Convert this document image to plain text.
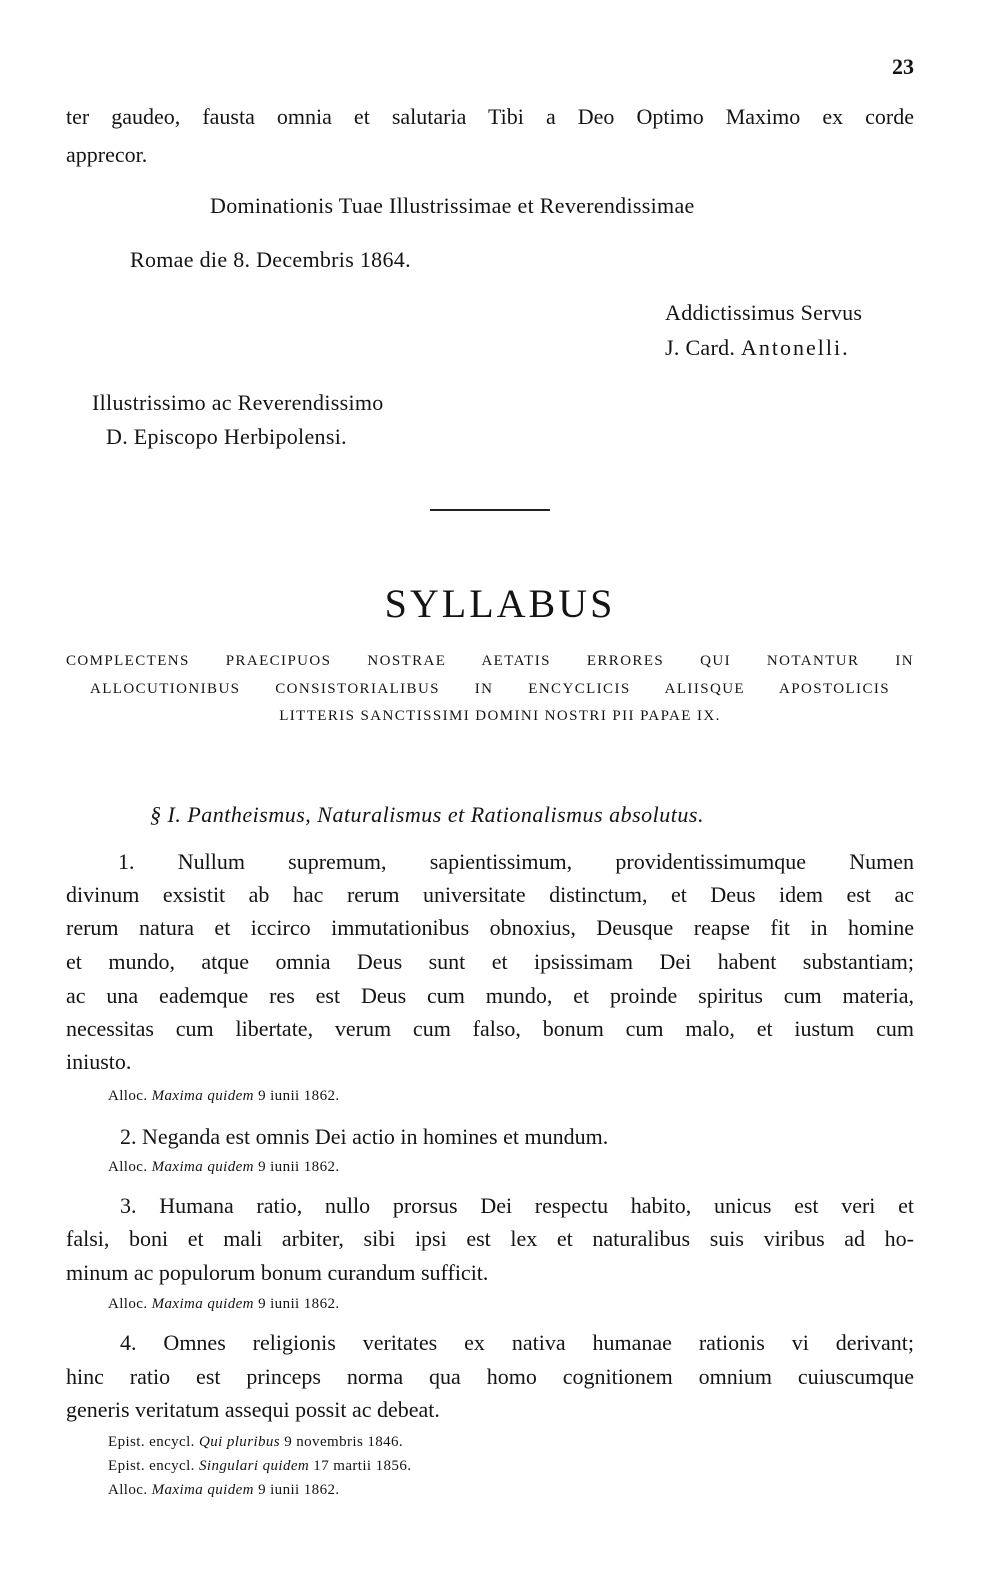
23
ter gaudeo, fausta omnia et salutaria Tibi a Deo Optimo Maximo ex corde
apprecor.
Dominationis Tuae Illustrissimae et Reverendissimae
Romae die 8. Decembris 1864.
Addictissimus Servus
J. Card. Antonelli.
Illustrissimo ac Reverendissimo
D. Episcopo Herbipolensi.
SYLLABUS
COMPLECTENS PRAECIPUOS NOSTRAE AETATIS ERRORES QUI NOTANTUR IN
ALLOCUTIONIBUS CONSISTORIALIBUS IN ENCYCLICIS ALIISQUE APOSTOLICIS
LITTERIS SANCTISSIMI DOMINI NOSTRI PII PAPAE IX.
§ I. Pantheismus, Naturalismus et Rationalismus absolutus.
1. Nullum supremum, sapientissimum, providentissimumque Numen
divinum exsistit ab hac rerum universitate distinctum, et Deus idem est ac
rerum natura et iccirco immutationibus obnoxius, Deusque reapse fit in homine
et mundo, atque omnia Deus sunt et ipsissimam Dei habent substantiam;
ac una eademque res est Deus cum mundo, et proinde spiritus cum materia,
necessitas cum libertate, verum cum falso, bonum cum malo, et iustum cum
iniusto.
Alloc. Maxima quidem 9 iunii 1862.
2. Neganda est omnis Dei actio in homines et mundum.
Alloc. Maxima quidem 9 iunii 1862.
3. Humana ratio, nullo prorsus Dei respectu habito, unicus est veri et
falsi, boni et mali arbiter, sibi ipsi est lex et naturalibus suis viribus ad ho-
minum ac populorum bonum curandum sufficit.
Alloc. Maxima quidem 9 iunii 1862.
4. Omnes religionis veritates ex nativa humanae rationis vi derivant;
hinc ratio est princeps norma qua homo cognitionem omnium cuiuscumque
generis veritatum assequi possit ac debeat.
Epist. encycl. Qui pluribus 9 novembris 1846.
Epist. encycl. Singulari quidem 17 martii 1856.
Alloc. Maxima quidem 9 iunii 1862.
